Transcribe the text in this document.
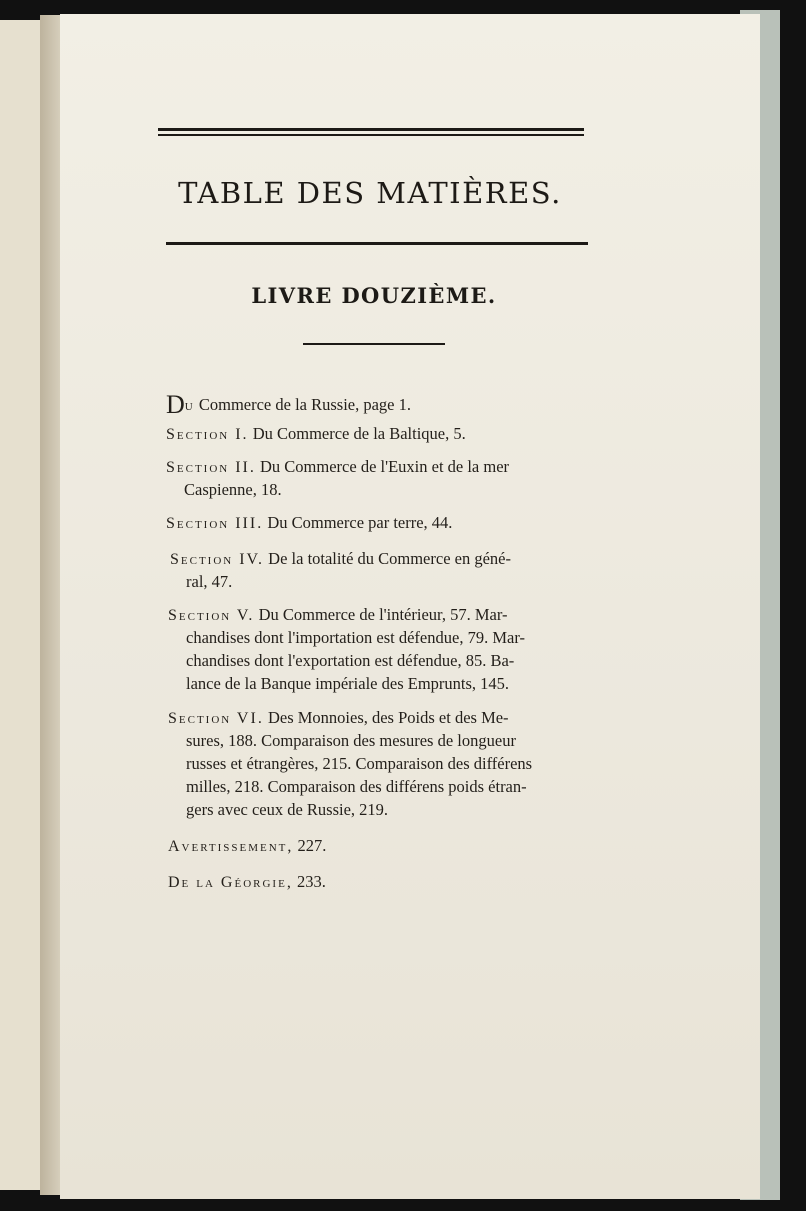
TABLE DES MATIÈRES.
LIVRE DOUZIÈME.
Du Commerce de la Russie, page 1.
Section I. Du Commerce de la Baltique, 5.
Section II. Du Commerce de l'Euxin et de la mer
Caspienne, 18.
Section III. Du Commerce par terre, 44.
Section IV. De la totalité du Commerce en géné-
ral, 47.
Section V. Du Commerce de l'intérieur, 57. Mar-
chandises dont l'importation est défendue, 79. Mar-
chandises dont l'exportation est défendue, 85. Ba-
lance de la Banque impériale des Emprunts, 145.
Section VI. Des Monnoies, des Poids et des Me-
sures, 188. Comparaison des mesures de longueur
russes et étrangères, 215. Comparaison des différens
milles, 218. Comparaison des différens poids étran-
gers avec ceux de Russie, 219.
Avertissement, 227.
De la Géorgie, 233.
